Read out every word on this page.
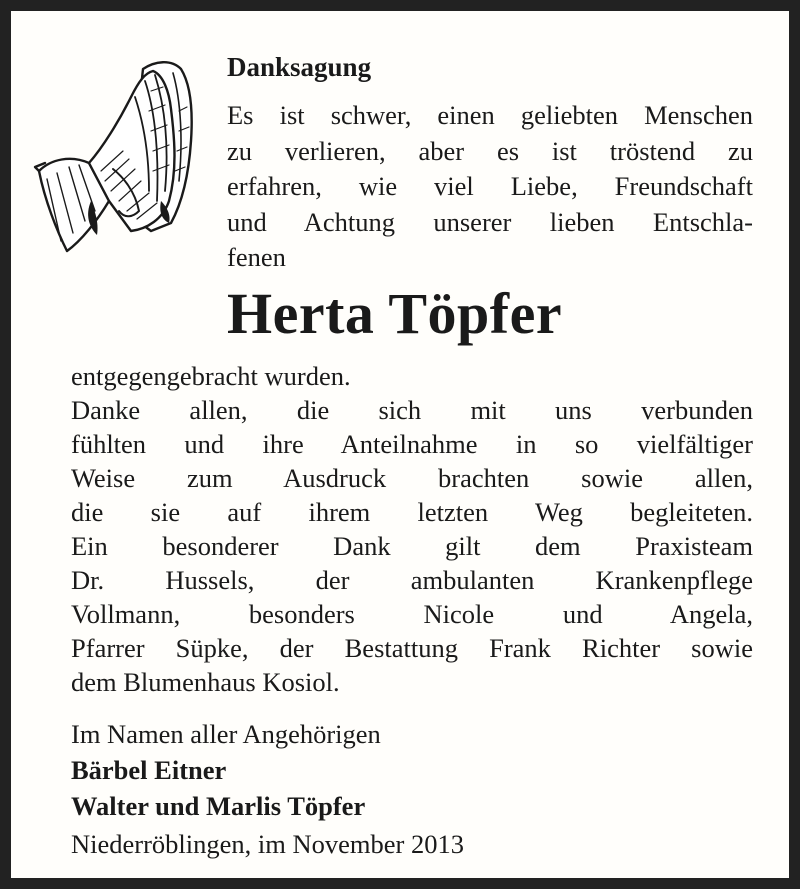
Danksagung
Es ist schwer, einen geliebten Menschen
zu verlieren, aber es ist tröstend zu
erfahren, wie viel Liebe, Freundschaft
und Achtung unserer lieben Entschla-
fenen
Herta Töpfer
entgegengebracht wurden.
Danke allen, die sich mit uns verbunden
fühlten und ihre Anteilnahme in so vielfältiger
Weise zum Ausdruck brachten sowie allen,
die sie auf ihrem letzten Weg begleiteten.
Ein besonderer Dank gilt dem Praxisteam
Dr. Hussels, der ambulanten Krankenpflege
Vollmann, besonders Nicole und Angela,
Pfarrer Süpke, der Bestattung Frank Richter sowie
dem Blumenhaus Kosiol.
Im Namen aller Angehörigen
Bärbel Eitner
Walter und Marlis Töpfer
Niederröblingen, im November 2013
